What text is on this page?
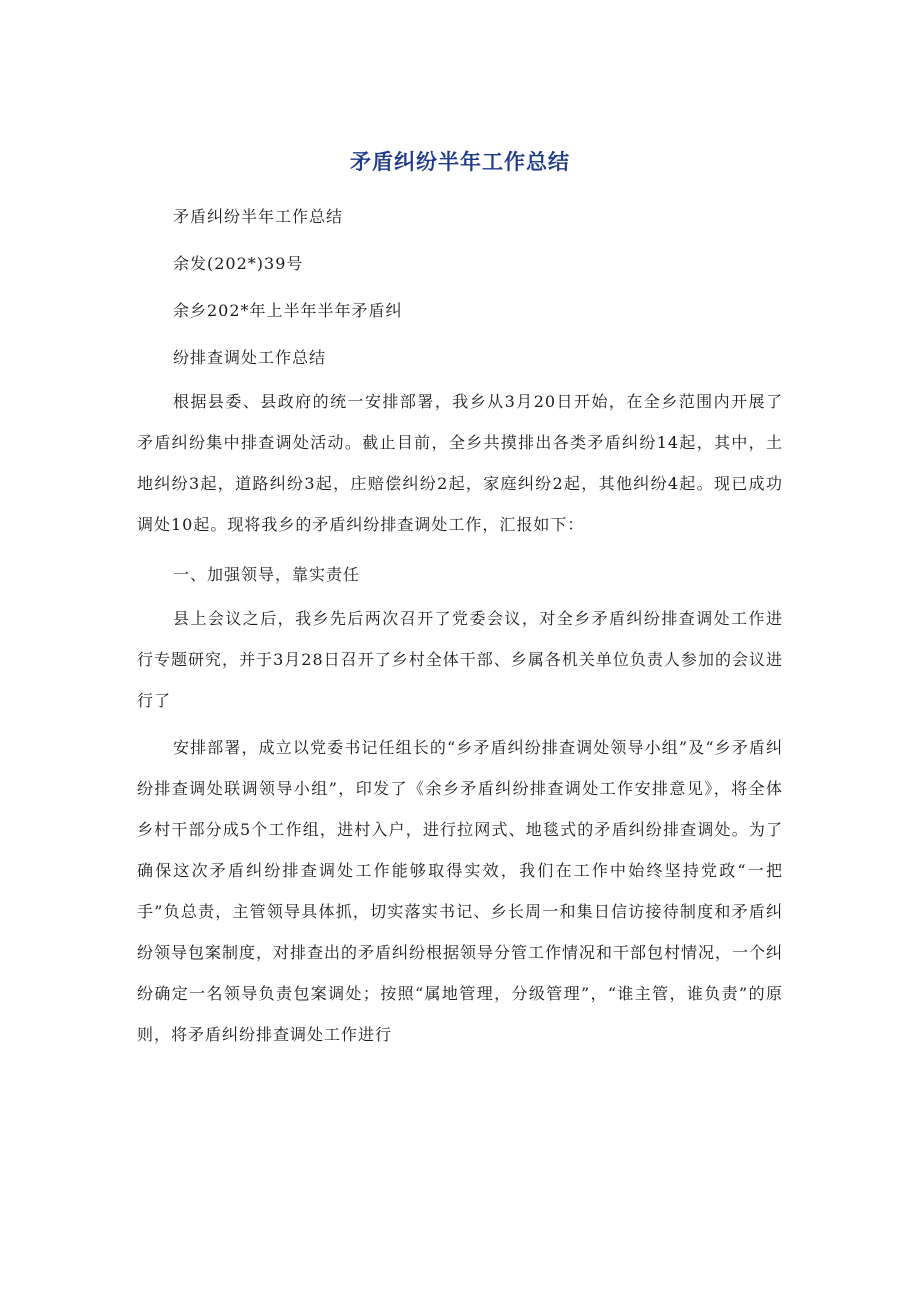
矛盾纠纷半年工作总结

矛盾纠纷半年工作总结

余发(202*)39号

余乡202*年上半年半年矛盾纠

纷排查调处工作总结

根据县委、县政府的统一安排部署，我乡从3月20日开始，在全乡范围内开展了矛盾纠纷集中排查调处活动。截止目前，全乡共摸排出各类矛盾纠纷14起，其中，土地纠纷3起，道路纠纷3起，庄赔偿纠纷2起，家庭纠纷2起，其他纠纷4起。现已成功调处10起。现将我乡的矛盾纠纷排查调处工作，汇报如下：

一、加强领导，靠实责任

县上会议之后，我乡先后两次召开了党委会议，对全乡矛盾纠纷排查调处工作进行专题研究，并于3月28日召开了乡村全体干部、乡属各机关单位负责人参加的会议进行了

安排部署，成立以党委书记任组长的“乡矛盾纠纷排查调处领导小组”及“乡矛盾纠纷排查调处联调领导小组”，印发了《余乡矛盾纠纷排查调处工作安排意见》，将全体乡村干部分成5个工作组，进村入户，进行拉网式、地毯式的矛盾纠纷排查调处。为了确保这次矛盾纠纷排查调处工作能够取得实效，我们在工作中始终坚持党政“一把手”负总责，主管领导具体抓，切实落实书记、乡长周一和集日信访接待制度和矛盾纠纷领导包案制度，对排查出的矛盾纠纷根据领导分管工作情况和干部包村情况，一个纠纷确定一名领导负责包案调处；按照“属地管理，分级管理”，“谁主管，谁负责”的原则，将矛盾纠纷排查调处工作进行
